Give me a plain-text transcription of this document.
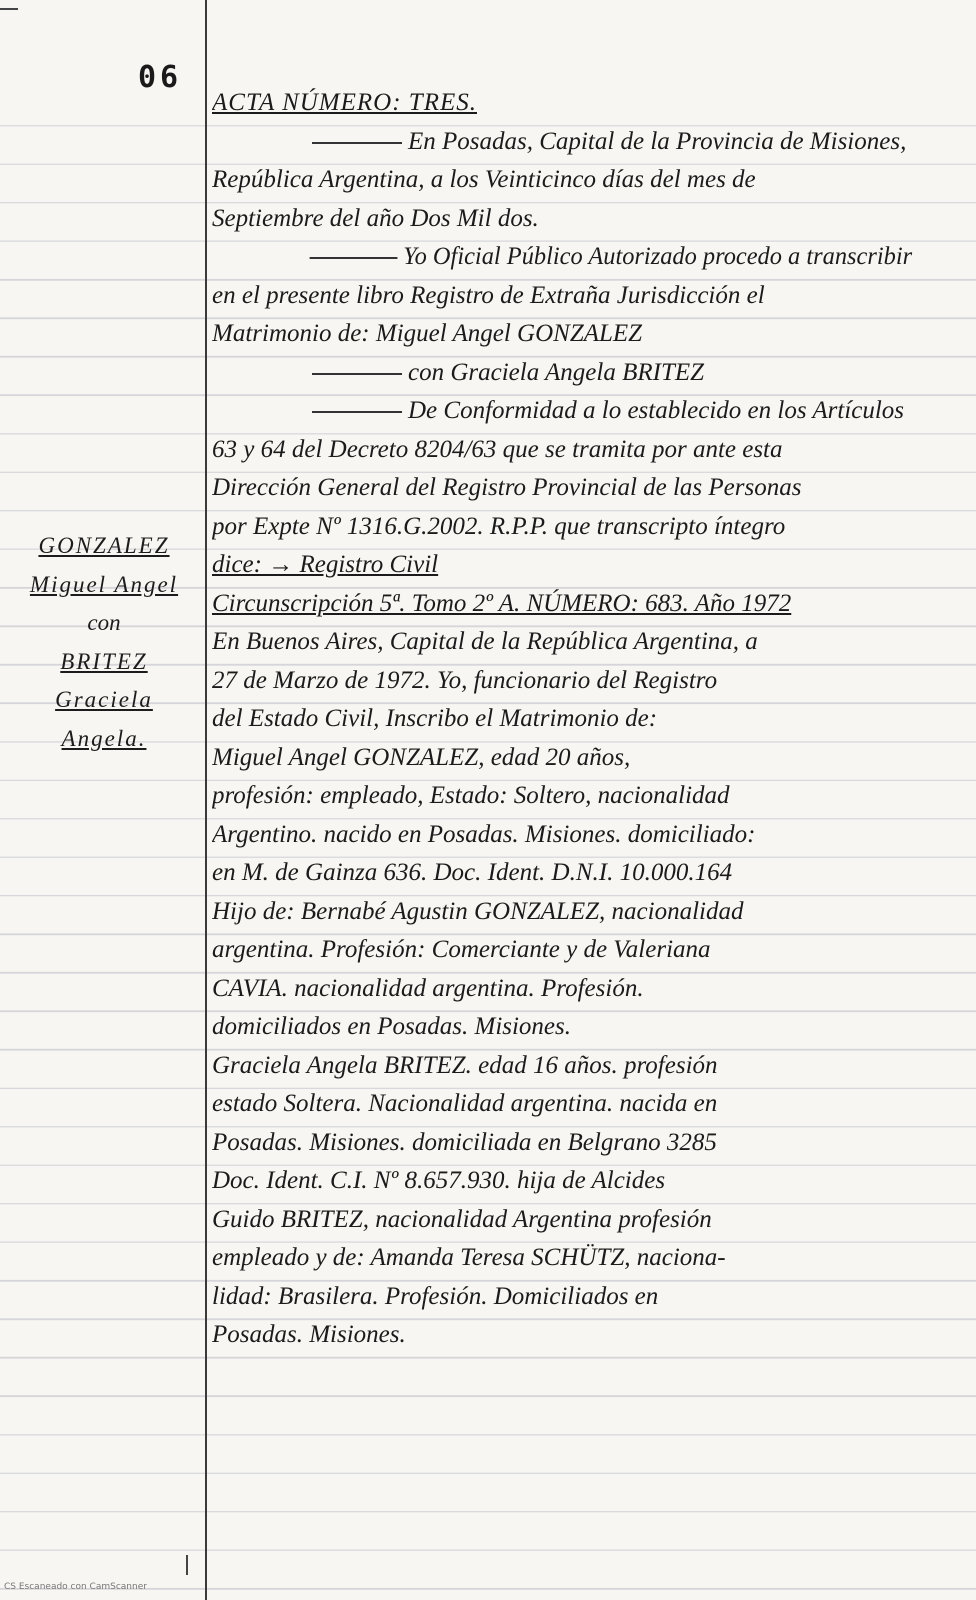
06
GONZALEZ
Miguel Angel
con
BRITEZ
Graciela
Angela.
ACTA NÚMERO: TRES.
En Posadas, Capital de la Provincia de Misiones,
República Argentina, a los Veinticinco días del mes de
Septiembre del año Dos Mil dos.
Yo Oficial Público Autorizado procedo a transcribir
en el presente libro Registro de Extraña Jurisdicción el
Matrimonio de: Miguel Angel GONZALEZ
con Graciela Angela BRITEZ
De Conformidad a lo establecido en los Artículos
63 y 64 del Decreto 8204/63 que se tramita por ante esta
Dirección General del Registro Provincial de las Personas
por Expte Nº 1316.G.2002. R.P.P. que transcripto íntegro
dice: → Registro Civil
Circunscripción 5ª. Tomo 2º A. NÚMERO: 683. Año 1972
En Buenos Aires, Capital de la República Argentina, a
27 de Marzo de 1972. Yo, funcionario del Registro
del Estado Civil, Inscribo el Matrimonio de:
Miguel Angel GONZALEZ, edad 20 años,
profesión: empleado, Estado: Soltero, nacionalidad
Argentino. nacido en Posadas. Misiones. domiciliado:
en M. de Gainza 636. Doc. Ident. D.N.I. 10.000.164
Hijo de: Bernabé Agustin GONZALEZ, nacionalidad
argentina. Profesión: Comerciante y de Valeriana
CAVIA. nacionalidad argentina. Profesión.
domiciliados en Posadas. Misiones.
Graciela Angela BRITEZ. edad 16 años. profesión
estado Soltera. Nacionalidad argentina. nacida en
Posadas. Misiones. domiciliada en Belgrano 3285
Doc. Ident. C.I. Nº 8.657.930. hija de Alcides
Guido BRITEZ, nacionalidad Argentina profesión
empleado y de: Amanda Teresa SCHÜTZ, naciona-
lidad: Brasilera. Profesión. Domiciliados en
Posadas. Misiones.
CS Escaneado con CamScanner
